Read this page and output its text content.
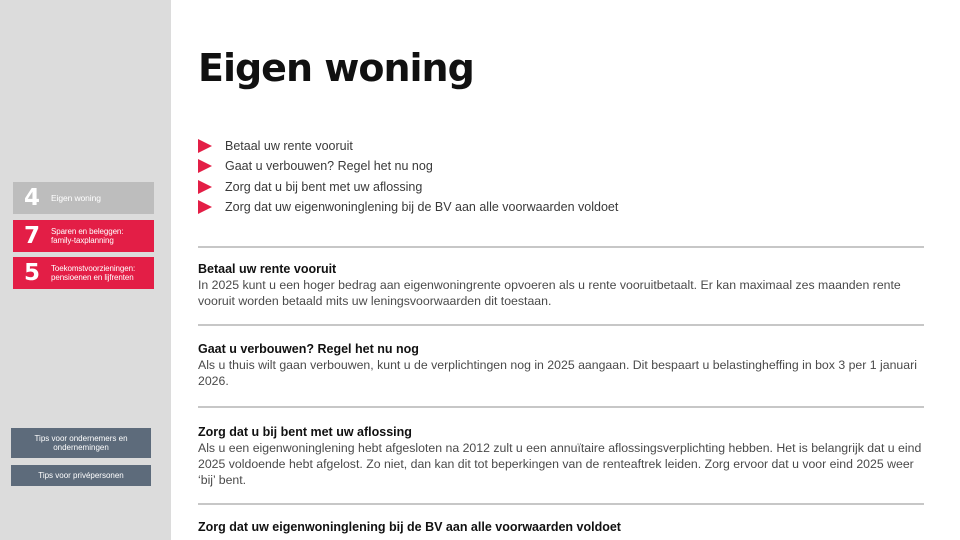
4	Eigen woning
7	Sparen en beleggen: family-taxplanning
5	Toekomstvoorzieningen: pensioenen en lijfrenten
Tips voor ondernemers en ondernemingen
Tips voor privépersonen
Eigen woning
Betaal uw rente vooruit
Gaat u verbouwen? Regel het nu nog
Zorg dat u bij bent met uw aflossing
Zorg dat uw eigenwoninglening bij de BV aan alle voorwaarden voldoet
Betaal uw rente vooruit

In 2025 kunt u een hoger bedrag aan eigenwoningrente opvoeren als u rente vooruitbetaalt. Er kan maximaal zes maanden rente vooruit worden betaald mits uw leningsvoorwaarden dit toestaan.

Gaat u verbouwen? Regel het nu nog

Als u thuis wilt gaan verbouwen, kunt u de verplichtingen nog in 2025 aangaan. Dit bespaart u belastingheffing in box 3 per 1 januari 2026.

Zorg dat u bij bent met uw aflossing

Als u een eigenwoninglening hebt afgesloten na 2012 zult u een annuïtaire aflossingsverplichting hebben. Het is belangrijk dat u eind 2025 voldoende hebt afgelost. Zo niet, dan kan dit tot beperkingen van de renteaftrek leiden. Zorg ervoor dat u voor eind 2025 weer ‘bij’ bent.

Zorg dat uw eigenwoninglening bij de BV aan alle voorwaarden voldoet
